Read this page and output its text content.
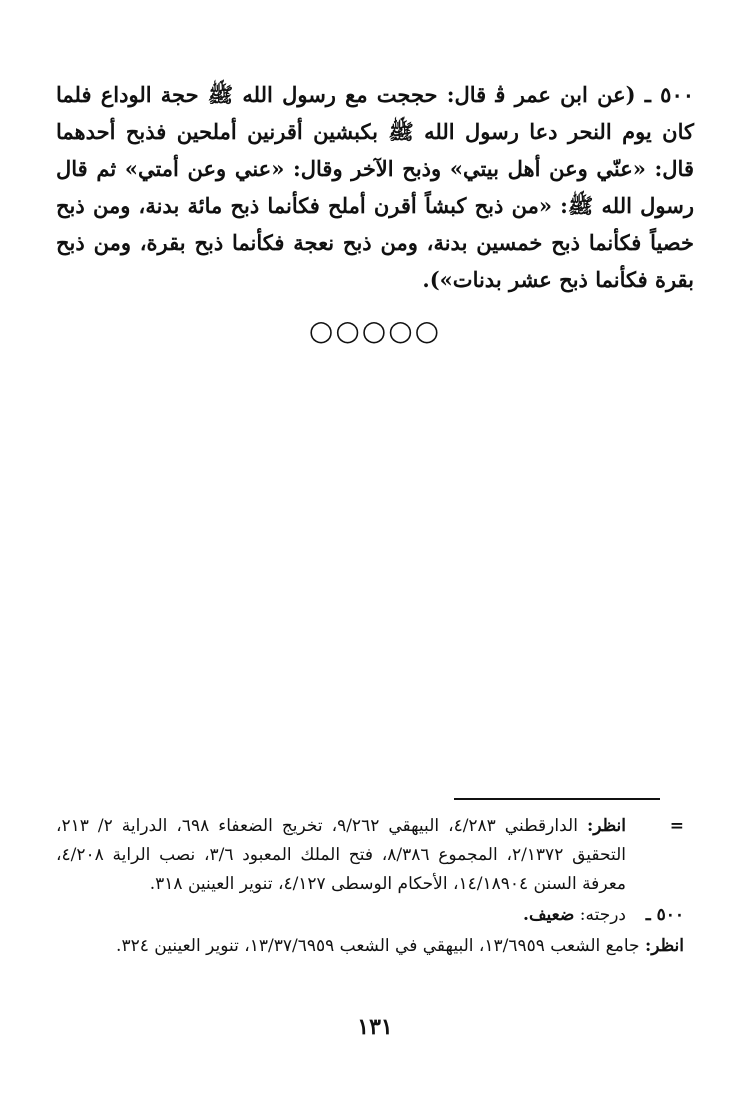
٥٠٠ ـ (عن ابن عمر ﭬ قال: حججت مع رسول الله ﷺ حجة الوداع فلما كان يوم النحر دعا رسول الله ﷺ بكبشين أقرنين أملحين فذبح أحدهما قال: «عنّي وعن أهل بيتي» وذبح الآخر وقال: «عني وعن أمتي» ثم قال رسول الله ﷺ: «من ذبح كبشاً أقرن أملح فكأنما ذبح مائة بدنة، ومن ذبح خصياً فكأنما ذبح خمسين بدنة، ومن ذبح نعجة فكأنما ذبح بقرة، ومن ذبح بقرة فكأنما ذبح عشر بدنات»).

○○○○○

=
انظر: الدارقطني ٤/٢٨٣، البيهقي ٩/٢٦٢، تخريج الضعفاء ٦٩٨، الدراية ٢/ ٢١٣، التحقيق ٢/١٣٧٢، المجموع ٨/٣٨٦، فتح الملك المعبود ٣/٦، نصب الراية ٤/٢٠٨، معرفة السنن ١٤/١٨٩٠٤، الأحكام الوسطى ٤/١٢٧، تنوير العينين ٣١٨.

٥٠٠ ـ
درجته: ضعيف.

انظر: جامع الشعب ١٣/٦٩٥٩، البيهقي في الشعب ١٣/٣٧/٦٩٥٩، تنوير العينين ٣٢٤.

١٣١
